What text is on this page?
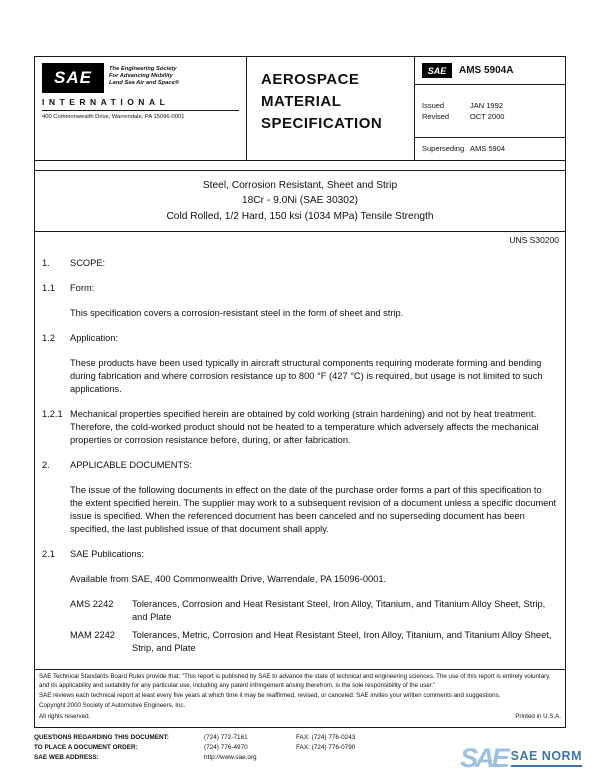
SAE	The Engineering Society
For Advancing Mobility
Land Sea Air and Space®
INTERNATIONAL
400 Commonwealth Drive, Warrendale, PA 15096-0001
AEROSPACE
MATERIAL
SPECIFICATION
SAE AMS 5904A
Issued	JAN 1992
Revised	OCT 2000
Superseding AMS 5904
Steel, Corrosion Resistant, Sheet and Strip
18Cr - 9.0Ni (SAE 30302)
Cold Rolled, 1/2 Hard, 150 ksi (1034 MPa) Tensile Strength
UNS S30200
1. SCOPE:
1.1 Form:

This specification covers a corrosion-resistant steel in the form of sheet and strip.

1.2 Application:

These products have been used typically in aircraft structural components requiring moderate forming and bending during fabrication and where corrosion resistance up to 800 °F (427 °C) is required, but usage is not limited to such applications.

1.2.1 Mechanical properties specified herein are obtained by cold working (strain hardening) and not by heat treatment. Therefore, the cold-worked product should not be heated to a temperature which adversely affects the mechanical properties or corrosion resistance before, during, or after fabrication.
2. APPLICABLE DOCUMENTS:

The issue of the following documents in effect on the date of the purchase order forms a part of this specification to the extent specified herein. The supplier may work to a subsequent revision of a document unless a specific document issue is specified. When the referenced document has been canceled and no superseding document has been specified, the last published issue of that document shall apply.

2.1 SAE Publications:

Available from SAE, 400 Commonwealth Drive, Warrendale, PA 15096-0001.

AMS 2242	Tolerances, Corrosion and Heat Resistant Steel, Iron Alloy, Titanium, and Titanium Alloy Sheet, Strip, and Plate
MAM 2242	Tolerances, Metric, Corrosion and Heat Resistant Steel, Iron Alloy, Titanium, and Titanium Alloy Sheet, Strip, and Plate

SAE Technical Standards Board Rules provide that: "This report is published by SAE to advance the state of technical and engineering sciences. The use of this report is entirely voluntary, and its applicability and suitability for any particular use, including any patent infringement arising therefrom, is the sole responsibility of the user."

SAE reviews each technical report at least every five years at which time it may be reaffirmed, revised, or canceled. SAE invites your written comments and suggestions.

Copyright 2000 Society of Automotive Engineers, Inc.

All rights reserved.	Printed in U.S.A.

QUESTIONS REGARDING THIS DOCUMENT:	(724) 772-7161	FAX: (724) 776-0243
TO PLACE A DOCUMENT ORDER:	(724) 776-4970	FAX: (724) 776-0790
SAE WEB ADDRESS:	http://www.sae.org	SAE SAE NORM
